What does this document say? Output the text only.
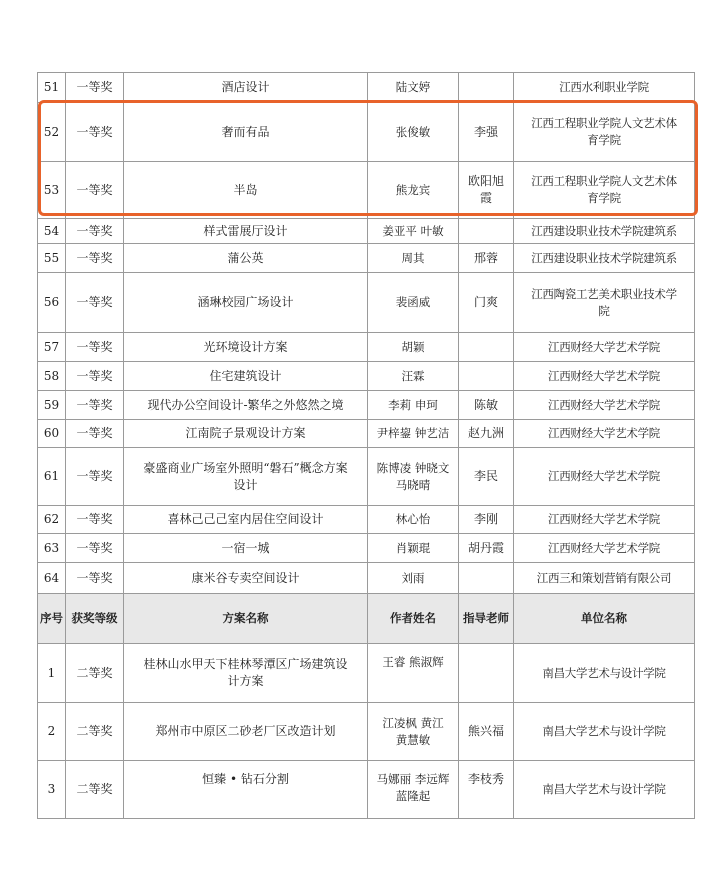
51	一等奖	酒店设计	陆文婷		江西水利职业学院
52	一等奖	奢而有品	张俊敏	李强	江西工程职业学院人文艺术体
育学院
53	一等奖	半岛	熊龙宾	欧阳旭
霞	江西工程职业学院人文艺术体
育学院
54	一等奖	样式雷展厅设计	姜亚平 叶敏		江西建设职业技术学院建筑系
55	一等奖	蒲公英	周其	邢蓉	江西建设职业技术学院建筑系
56	一等奖	涵琳校园广场设计	裴函威	门爽	江西陶瓷工艺美术职业技术学
院
57	一等奖	光环境设计方案	胡颖		江西财经大学艺术学院
58	一等奖	住宅建筑设计	汪霖		江西财经大学艺术学院
59	一等奖	现代办公空间设计-繁华之外悠然之境	李莉 申珂	陈敏	江西财经大学艺术学院
60	一等奖	江南院子景观设计方案	尹梓鋆 钟艺洁	赵九洲	江西财经大学艺术学院
61	一等奖	豪盛商业广场室外照明“磐石”概念方案
设计	陈博凌 钟晓文
马晓晴	李民	江西财经大学艺术学院
62	一等奖	喜林己己己室内居住空间设计	林心怡	李刚	江西财经大学艺术学院
63	一等奖	一宿一城	肖颖琨	胡丹霞	江西财经大学艺术学院
64	一等奖	康米谷专卖空间设计	刘雨		江西三和策划营销有限公司
序号	获奖等级	方案名称	作者姓名	指导老师	单位名称
1	二等奖	桂林山水甲天下桂林琴潭区广场建筑设
计方案	王睿 熊淑辉		南昌大学艺术与设计学院
2	二等奖	郑州市中原区二砂老厂区改造计划	江凌枫 黄江
黄慧敏	熊兴福	南昌大学艺术与设计学院
3	二等奖	恒臻 • 钻石分割	马娜丽 李远辉
蓝隆起	李枝秀	南昌大学艺术与设计学院
